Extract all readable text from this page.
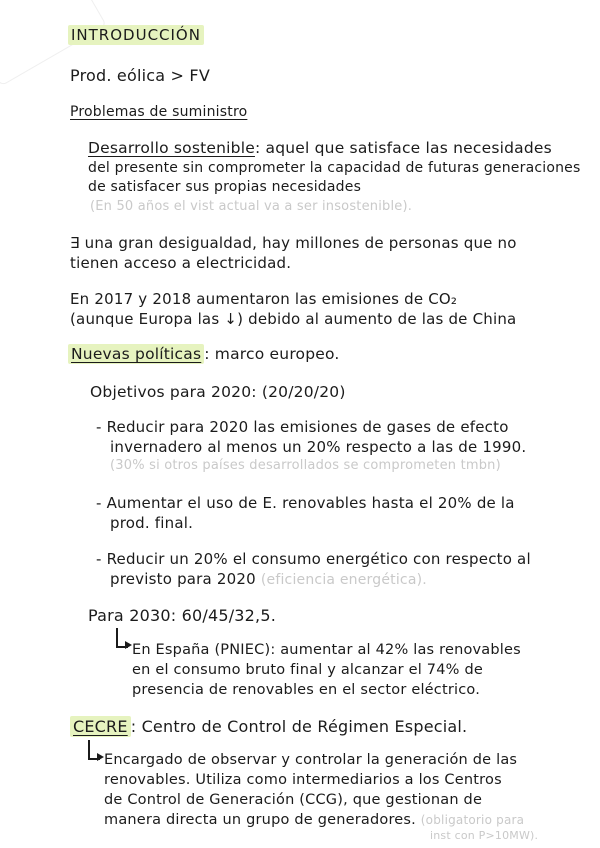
INTRODUCCIÓN
Prod. eólica > FV
Problemas de suministro
Desarrollo sostenible: aquel que satisface las necesidades
del presente sin comprometer la capacidad de futuras generaciones
de satisfacer sus propias necesidades
(En 50 años el vist actual va a ser insostenible).
∃ una gran desigualdad, hay millones de personas que no
tienen acceso a electricidad.
En 2017 y 2018 aumentaron las emisiones de CO₂
(aunque Europa las ↓) debido al aumento de las de China
Nuevas políticas : marco europeo.
Objetivos para 2020: (20/20/20)
- Reducir para 2020 las emisiones de gases de efecto
invernadero al menos un 20% respecto a las de 1990.
(30% si otros países desarrollados se comprometen tmbn)
- Aumentar el uso de E. renovables hasta el 20% de la
prod. final.
- Reducir un 20% el consumo energético con respecto al
previsto para 2020 (eficiencia energética).
Para 2030: 60/45/32,5.
En España (PNIEC): aumentar al 42% las renovables
en el consumo bruto final y alcanzar el 74% de
presencia de renovables en el sector eléctrico.
CECRE : Centro de Control de Régimen Especial.
Encargado de observar y controlar la generación de las
renovables. Utiliza como intermediarios a los Centros
de Control de Generación (CCG), que gestionan de
manera directa un grupo de generadores. (obligatorio para
inst con P>10MW).
